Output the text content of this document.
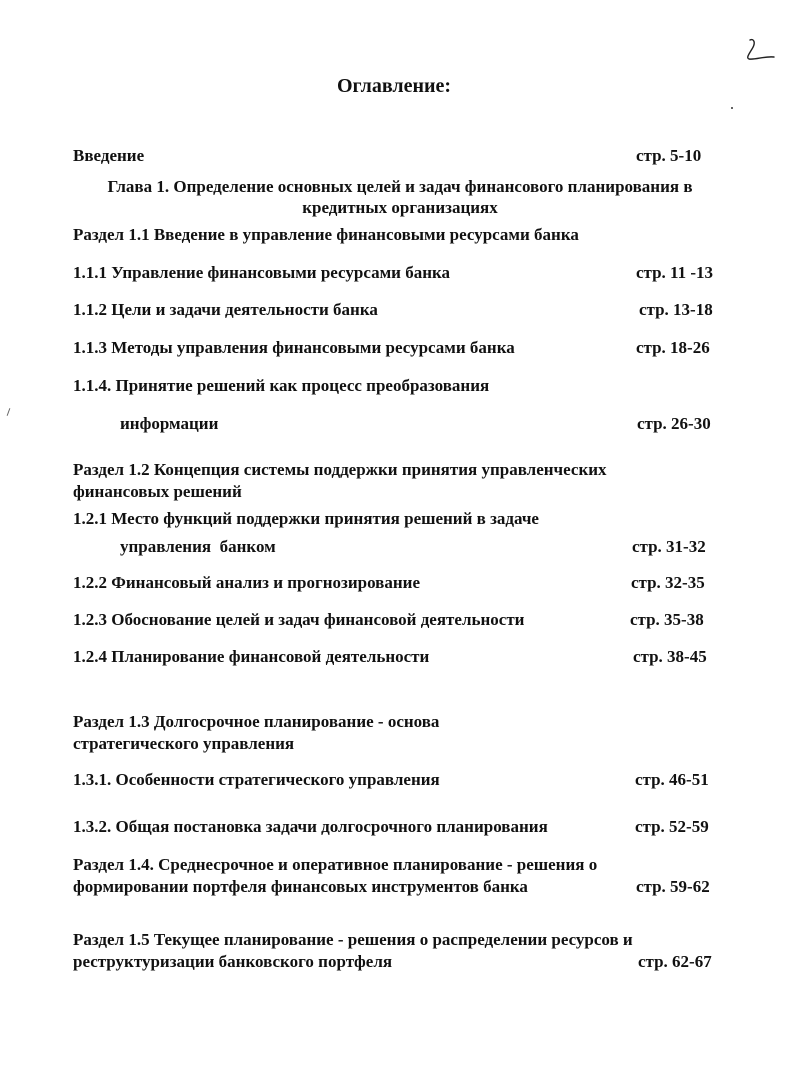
Оглавление:
Введение	стр. 5-10
Глава 1. Определение основных целей и задач финансового планирования в
кредитных организациях
Раздел 1.1 Введение в управление финансовыми ресурсами банка
1.1.1 Управление финансовыми ресурсами банка	стр. 11 -13
1.1.2 Цели и задачи деятельности банка	стр. 13-18
1.1.3 Методы управления финансовыми ресурсами банка	стр. 18-26
1.1.4. Принятие решений как процесс преобразования
информации	стр. 26-30
Раздел 1.2 Концепция системы поддержки принятия управленческих
финансовых решений
1.2.1 Место функций поддержки принятия решений в задаче
управления  банком	стр. 31-32
1.2.2 Финансовый анализ и прогнозирование	стр. 32-35
1.2.3 Обоснование целей и задач финансовой деятельности	стр. 35-38
1.2.4 Планирование финансовой деятельности	стр. 38-45
Раздел 1.3 Долгосрочное планирование - основа
стратегического управления
1.3.1. Особенности стратегического управления	стр. 46-51
1.3.2. Общая постановка задачи долгосрочного планирования	стр. 52-59
Раздел 1.4. Среднесрочное и оперативное планирование - решения о
формировании портфеля финансовых инструментов банка	стр. 59-62
Раздел 1.5 Текущее планирование - решения о распределении ресурсов и
реструктуризации банковского портфеля	стр. 62-67
